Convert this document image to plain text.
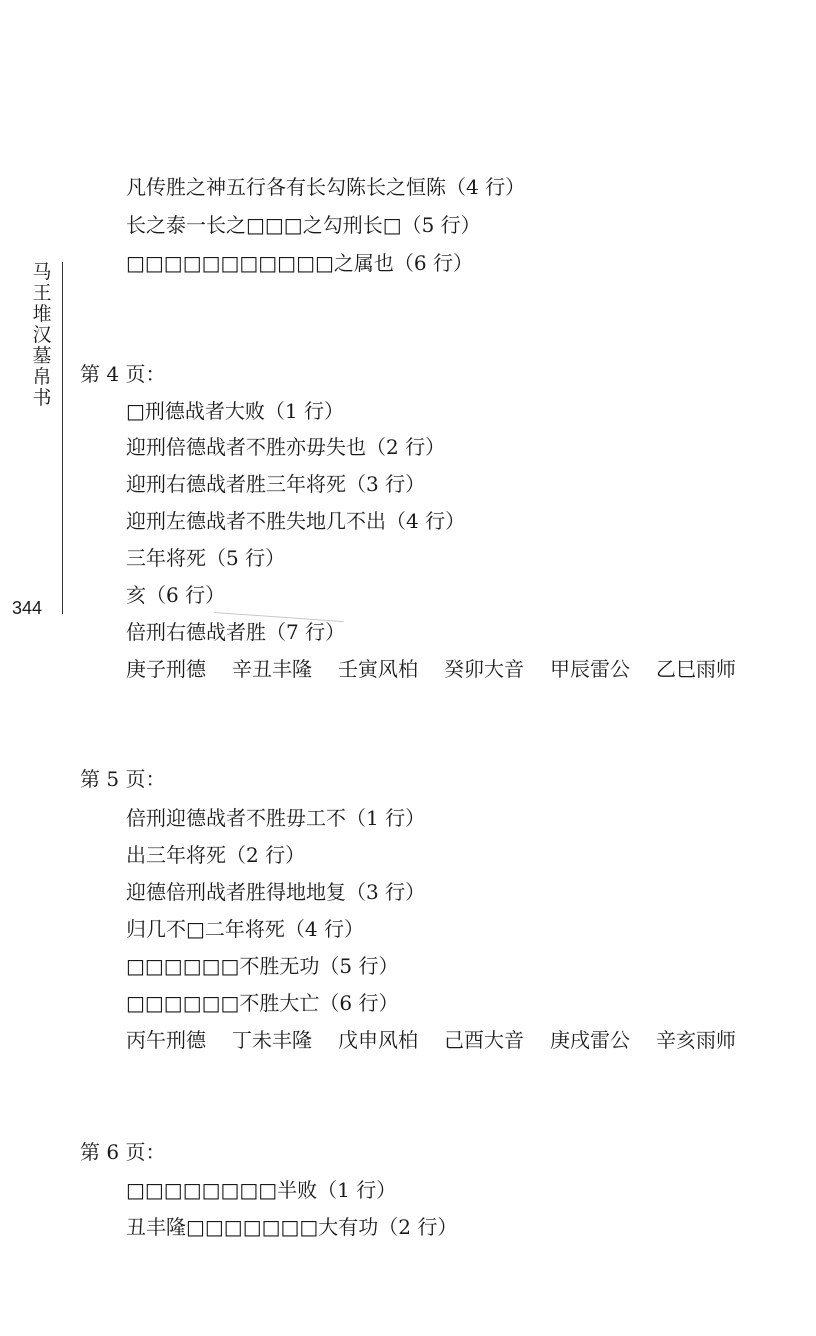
马王堆汉墓帛书
344
凡传胜之神五行各有长勾陈长之恒陈（4 行）
长之泰一长之□□□之勾刑长□（5 行）
□□□□□□□□□□□之属也（6 行）
第 4 页：
□刑德战者大败（1 行）
迎刑倍德战者不胜亦毋失也（2 行）
迎刑右德战者胜三年将死（3 行）
迎刑左德战者不胜失地几不出（4 行）
三年将死（5 行）
亥（6 行）
倍刑右德战者胜（7 行）
庚子刑德 辛丑丰隆 壬寅风柏 癸卯大音 甲辰雷公 乙巳雨师
第 5 页：
倍刑迎德战者不胜毋工不（1 行）
出三年将死（2 行）
迎德倍刑战者胜得地地复（3 行）
归几不□二年将死（4 行）
□□□□□□不胜无功（5 行）
□□□□□□不胜大亡（6 行）
丙午刑德 丁未丰隆 戊申风柏 己酉大音 庚戌雷公 辛亥雨师
第 6 页：
□□□□□□□□半败（1 行）
丑丰隆□□□□□□□大有功（2 行）
